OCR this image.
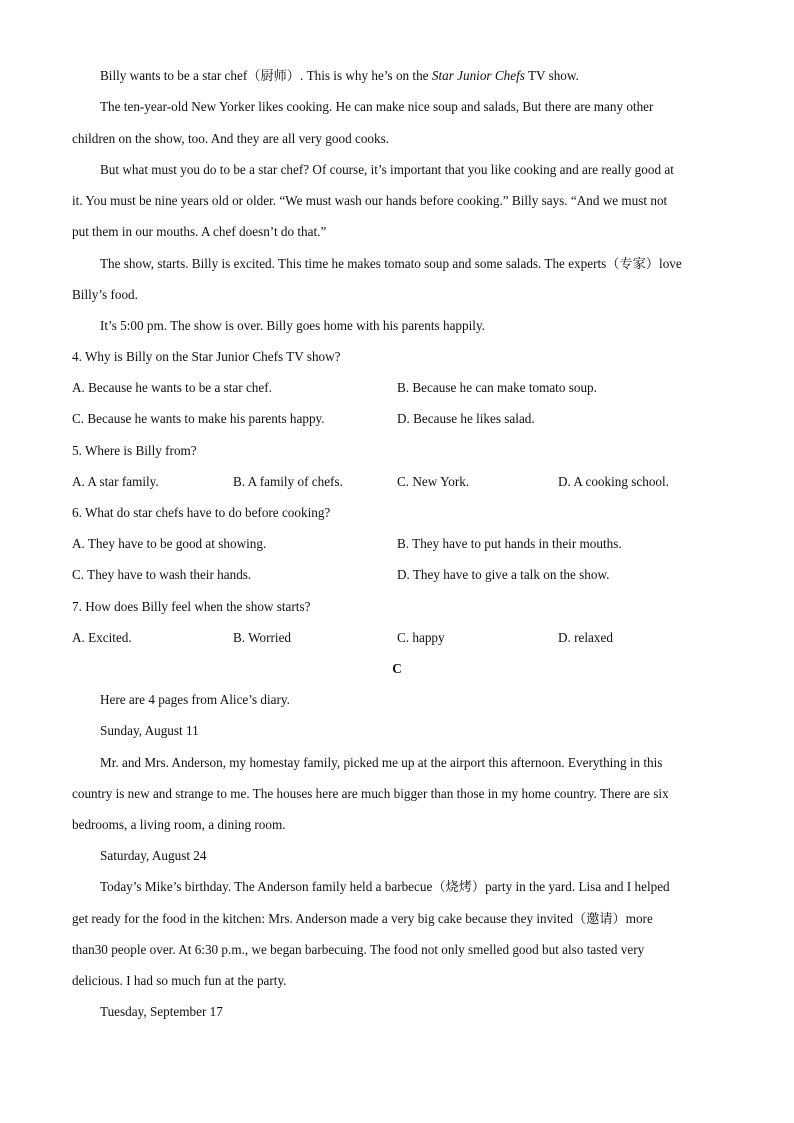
Billy wants to be a star chef（厨师）. This is why he’s on the Star Junior Chefs TV show.
The ten-year-old New Yorker likes cooking. He can make nice soup and salads, But there are many other
children on the show, too. And they are all very good cooks.
But what must you do to be a star chef? Of course, it’s important that you like cooking and are really good at
it. You must be nine years old or older. “We must wash our hands before cooking.” Billy says. “And we must not
put them in our mouths. A chef doesn’t do that.”
The show, starts. Billy is excited. This time he makes tomato soup and some salads. The experts（专家）love
Billy’s food.
It’s 5:00 pm. The show is over. Billy goes home with his parents happily.
4. Why is Billy on the Star Junior Chefs TV show?
A. Because he wants to be a star chef.	B. Because he can make tomato soup.
C. Because he wants to make his parents happy.	D. Because he likes salad.
5. Where is Billy from?
A. A star family.	B. A family of chefs.	C. New York.	D. A cooking school.
6. What do star chefs have to do before cooking?
A. They have to be good at showing.	B. They have to put hands in their mouths.
C. They have to wash their hands.	D. They have to give a talk on the show.
7. How does Billy feel when the show starts?
A. Excited.	B. Worried	C. happy	D. relaxed
C
Here are 4 pages from Alice’s diary.
Sunday, August 11
Mr. and Mrs. Anderson, my homestay family, picked me up at the airport this afternoon. Everything in this
country is new and strange to me. The houses here are much bigger than those in my home country. There are six
bedrooms, a living room, a dining room.
Saturday, August 24
Today’s Mike’s birthday. The Anderson family held a barbecue（烧烤）party in the yard. Lisa and I helped
get ready for the food in the kitchen: Mrs. Anderson made a very big cake because they invited（邀请）more
than30 people over. At 6:30 p.m., we began barbecuing. The food not only smelled good but also tasted very
delicious. I had so much fun at the party.
Tuesday, September 17
